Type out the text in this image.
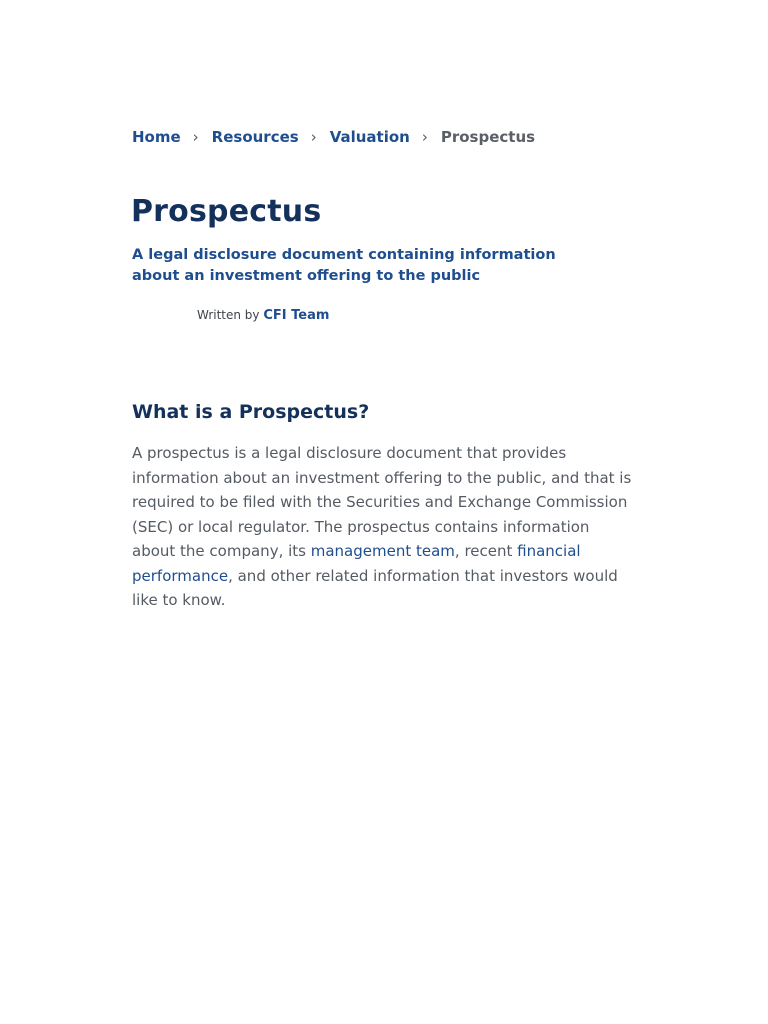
Home › Resources › Valuation › Prospectus
Prospectus

A legal disclosure document containing information about an investment offering to the public

Written by CFI Team
What is a Prospectus?

A prospectus is a legal disclosure document that provides information about an investment offering to the public, and that is required to be filed with the Securities and Exchange Commission (SEC) or local regulator. The prospectus contains information about the company, its management team, recent financial performance, and other related information that investors would like to know.
